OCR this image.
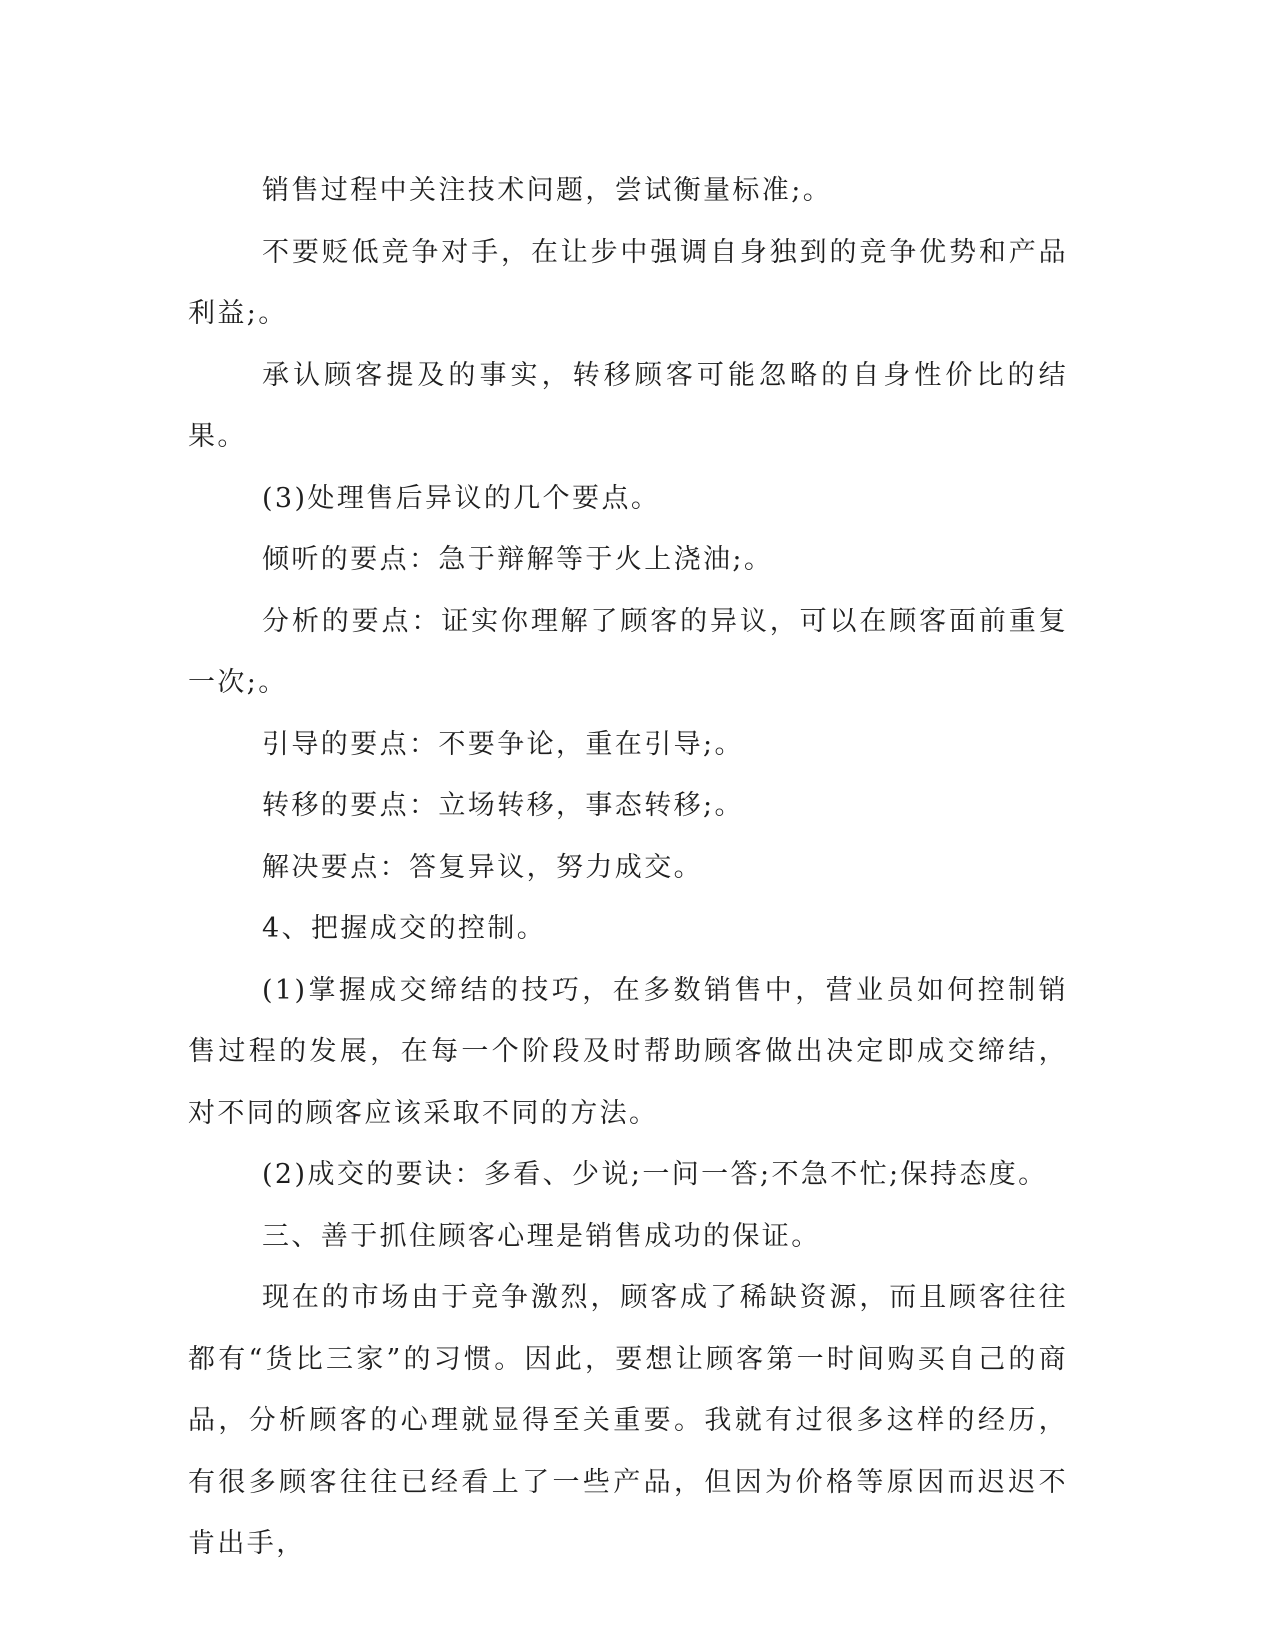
销售过程中关注技术问题，尝试衡量标准;。

不要贬低竞争对手，在让步中强调自身独到的竞争优势和产品利益;。

承认顾客提及的事实，转移顾客可能忽略的自身性价比的结果。

(3)处理售后异议的几个要点。

倾听的要点：急于辩解等于火上浇油;。

分析的要点：证实你理解了顾客的异议，可以在顾客面前重复一次;。

引导的要点：不要争论，重在引导;。

转移的要点：立场转移，事态转移;。

解决要点：答复异议，努力成交。

4、把握成交的控制。

(1)掌握成交缔结的技巧，在多数销售中，营业员如何控制销售过程的发展，在每一个阶段及时帮助顾客做出决定即成交缔结，对不同的顾客应该采取不同的方法。

(2)成交的要诀：多看、少说;一问一答;不急不忙;保持态度。

三、善于抓住顾客心理是销售成功的保证。

现在的市场由于竞争激烈，顾客成了稀缺资源，而且顾客往往都有“货比三家”的习惯。因此，要想让顾客第一时间购买自己的商品，分析顾客的心理就显得至关重要。我就有过很多这样的经历，有很多顾客往往已经看上了一些产品，但因为价格等原因而迟迟不肯出手，
